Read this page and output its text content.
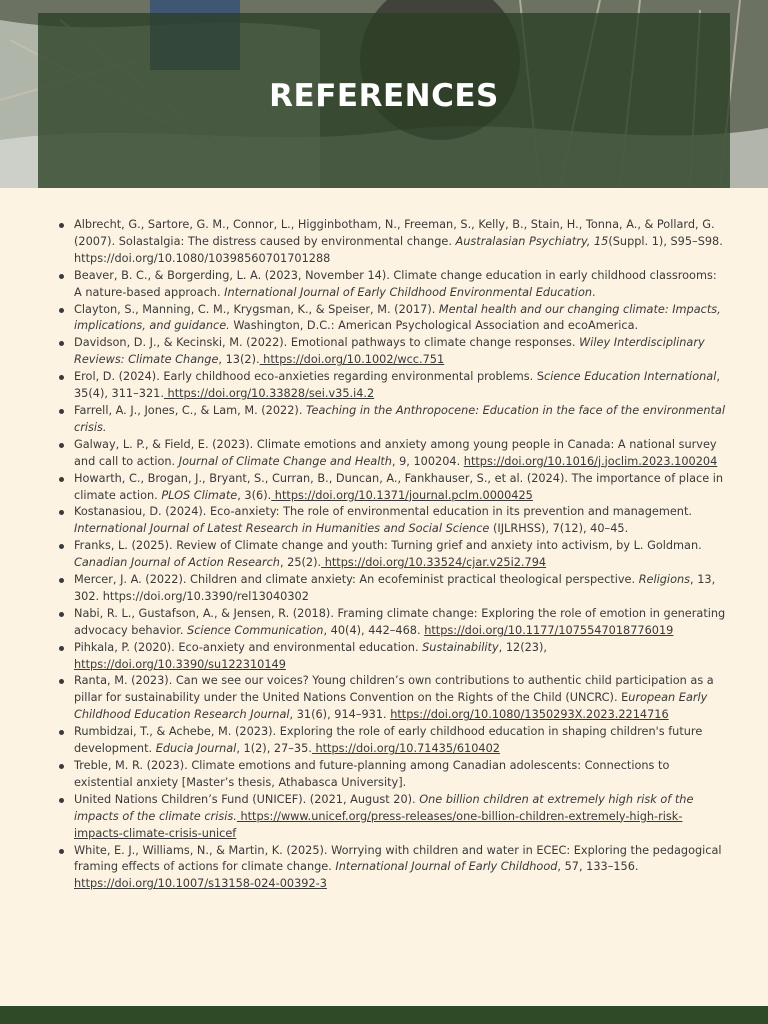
REFERENCES
Albrecht, G., Sartore, G. M., Connor, L., Higginbotham, N., Freeman, S., Kelly, B., Stain, H., Tonna, A., & Pollard, G. (2007). Solastalgia: The distress caused by environmental change. Australasian Psychiatry, 15(Suppl. 1), S95–S98. https://doi.org/10.1080/10398560701701288
Beaver, B. C., & Borgerding, L. A. (2023, November 14). Climate change education in early childhood classrooms: A nature-based approach. International Journal of Early Childhood Environmental Education.
Clayton, S., Manning, C. M., Krygsman, K., & Speiser, M. (2017). Mental health and our changing climate: Impacts, implications, and guidance. Washington, D.C.: American Psychological Association and ecoAmerica.
Davidson, D. J., & Kecinski, M. (2022). Emotional pathways to climate change responses. Wiley Interdisciplinary Reviews: Climate Change, 13(2). https://doi.org/10.1002/wcc.751
Erol, D. (2024). Early childhood eco-anxieties regarding environmental problems. Science Education International, 35(4), 311–321. https://doi.org/10.33828/sei.v35.i4.2
Farrell, A. J., Jones, C., & Lam, M. (2022). Teaching in the Anthropocene: Education in the face of the environmental crisis.
Galway, L. P., & Field, E. (2023). Climate emotions and anxiety among young people in Canada: A national survey and call to action. Journal of Climate Change and Health, 9, 100204. https://doi.org/10.1016/j.joclim.2023.100204
Howarth, C., Brogan, J., Bryant, S., Curran, B., Duncan, A., Fankhauser, S., et al. (2024). The importance of place in climate action. PLOS Climate, 3(6). https://doi.org/10.1371/journal.pclm.0000425
Kostanasiou, D. (2024). Eco-anxiety: The role of environmental education in its prevention and management. International Journal of Latest Research in Humanities and Social Science (IJLRHSS), 7(12), 40–45.
Franks, L. (2025). Review of Climate change and youth: Turning grief and anxiety into activism, by L. Goldman. Canadian Journal of Action Research, 25(2). https://doi.org/10.33524/cjar.v25i2.794
Mercer, J. A. (2022). Children and climate anxiety: An ecofeminist practical theological perspective. Religions, 13, 302. https://doi.org/10.3390/rel13040302
Nabi, R. L., Gustafson, A., & Jensen, R. (2018). Framing climate change: Exploring the role of emotion in generating advocacy behavior. Science Communication, 40(4), 442–468. https://doi.org/10.1177/1075547018776019
Pihkala, P. (2020). Eco-anxiety and environmental education. Sustainability, 12(23), https://doi.org/10.3390/su122310149
Ranta, M. (2023). Can we see our voices? Young children’s own contributions to authentic child participation as a pillar for sustainability under the United Nations Convention on the Rights of the Child (UNCRC). European Early Childhood Education Research Journal, 31(6), 914–931. https://doi.org/10.1080/1350293X.2023.2214716
Rumbidzai, T., & Achebe, M. (2023). Exploring the role of early childhood education in shaping children's future development. Educia Journal, 1(2), 27–35. https://doi.org/10.71435/610402
Treble, M. R. (2023). Climate emotions and future-planning among Canadian adolescents: Connections to existential anxiety [Master’s thesis, Athabasca University].
United Nations Children’s Fund (UNICEF). (2021, August 20). One billion children at extremely high risk of the impacts of the climate crisis. https://www.unicef.org/press-releases/one-billion-children-extremely-high-risk-impacts-climate-crisis-unicef
White, E. J., Williams, N., & Martin, K. (2025). Worrying with children and water in ECEC: Exploring the pedagogical framing effects of actions for climate change. International Journal of Early Childhood, 57, 133–156. https://doi.org/10.1007/s13158-024-00392-3
